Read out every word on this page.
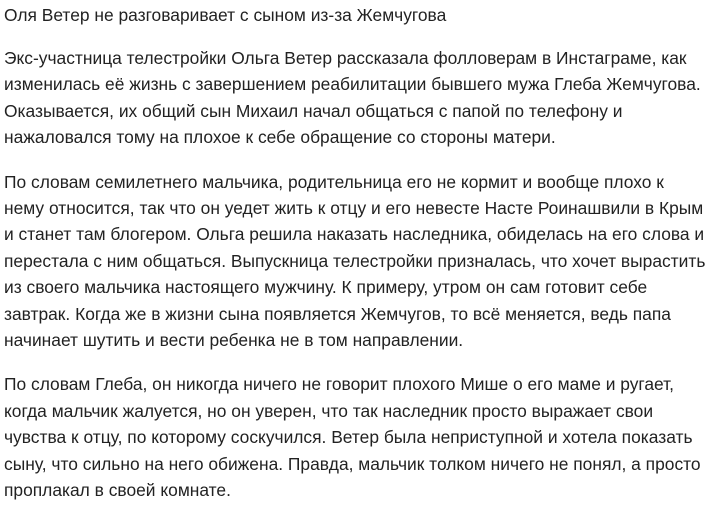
Оля Ветер не разговаривает с сыном из-за Жемчугова

Экс-участница телестройки Ольга Ветер рассказала фолловерам в Инстаграме, как изменилась её жизнь с завершением реабилитации бывшего мужа Глеба Жемчугова. Оказывается, их общий сын Михаил начал общаться с папой по телефону и нажаловался тому на плохое к себе обращение со стороны матери.

По словам семилетнего мальчика, родительница его не кормит и вообще плохо к нему относится, так что он уедет жить к отцу и его невесте Насте Роинашвили в Крым и станет там блогером. Ольга решила наказать наследника, обиделась на его слова и перестала с ним общаться. Выпускница телестройки призналась, что хочет вырастить из своего мальчика настоящего мужчину. К примеру, утром он сам готовит себе завтрак. Когда же в жизни сына появляется Жемчугов, то всё меняется, ведь папа начинает шутить и вести ребенка не в том направлении.

По словам Глеба, он никогда ничего не говорит плохого Мише о его маме и ругает, когда мальчик жалуется, но он уверен, что так наследник просто выражает свои чувства к отцу, по которому соскучился. Ветер была неприступной и хотела показать сыну, что сильно на него обижена. Правда, мальчик толком ничего не понял, а просто проплакал в своей комнате.
